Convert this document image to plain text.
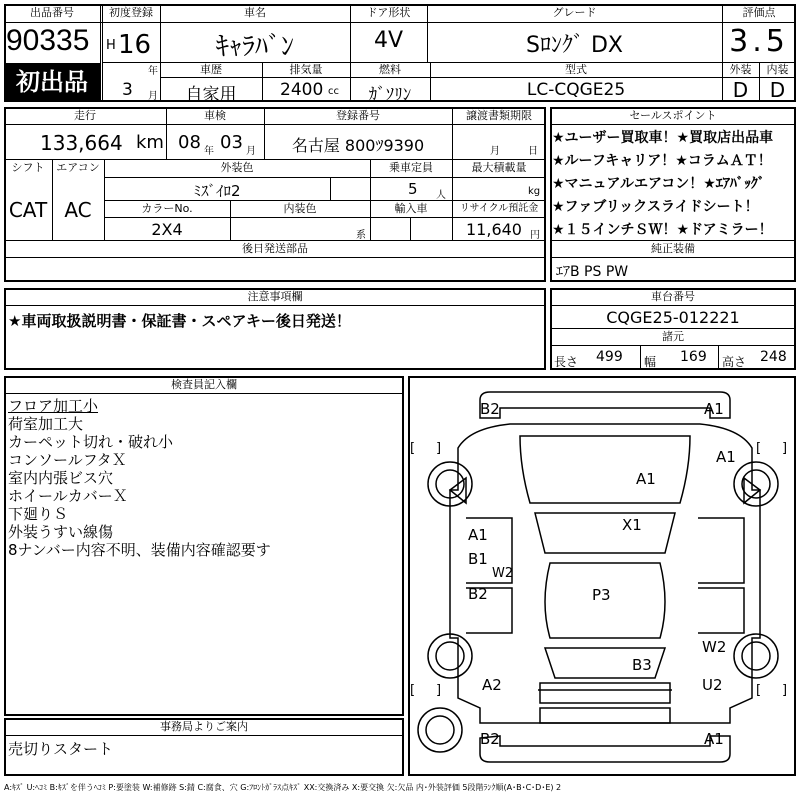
出品番号
90335
初出品
初度登録
H 16
年
3 月
車名
ｷｬﾗﾊﾞﾝ
ドア形状
4V
グレード
Sﾛﾝｸﾞ DX
評価点
3.5
車歴
自家用
排気量
2400 cc
燃料
ｶﾞｿﾘﾝ
型式
LC-CQGE25
外装
D
内装
D
走行
133,664 km
車検
08 年 03 月
登録番号
名古屋 800ﾂ9390
譲渡書類期限
月	日
シフト
CAT
エアコン
AC
外装色
ﾐｽﾞｲﾛ2
乗車定員
5 人
最大積載量
kg
カラーNo.
2X4
内装色
系
輸入車	リサイクル預託金
11,640 円
後日発送部品
セールスポイント
★ユーザー買取車！★買取店出品車
★ルーフキャリア！★コラムＡＴ！
★マニュアルエアコン！★ｴｱﾊﾞｯｸﾞ
★ファブリックスライドシート！
★１５インチＳＷ！★ドアミラー！
純正装備
ｴｱB PS PW
注意事項欄
★車両取扱説明書・保証書・スペアキー後日発送！
車台番号
CQGE25-012221
諸元
長さ 499 幅 169 高さ 248
検査員記入欄
フロア加工小
荷室加工大
カーペット切れ・破れ小
コンソールフタＸ
室内内張ビス穴
ホイールカバーＸ
下廻りＳ
外装うすい線傷
8ナンバー内容不明、装備内容確認要す
事務局よりご案内
売切りスタート
[ ]	[ ]
[ ]	[ ]
B2	A1
A1
A1
X1
A1
B1
W2
B2	P3
W2
B3
A2	U2
B2	A1
A:ｷｽﾞ U:ﾍｺﾐ B:ｷｽﾞを伴うﾍｺﾐ P:要塗装 W:補修跡 S:錆 C:腐食、穴 G:ﾌﾛﾝﾄｶﾞﾗｽ点ｷｽﾞ XX:交換済み X:要交換 欠:欠品 内･外装評価 5段階ﾗﾝｸ順(A･B･C･D･E) 2
